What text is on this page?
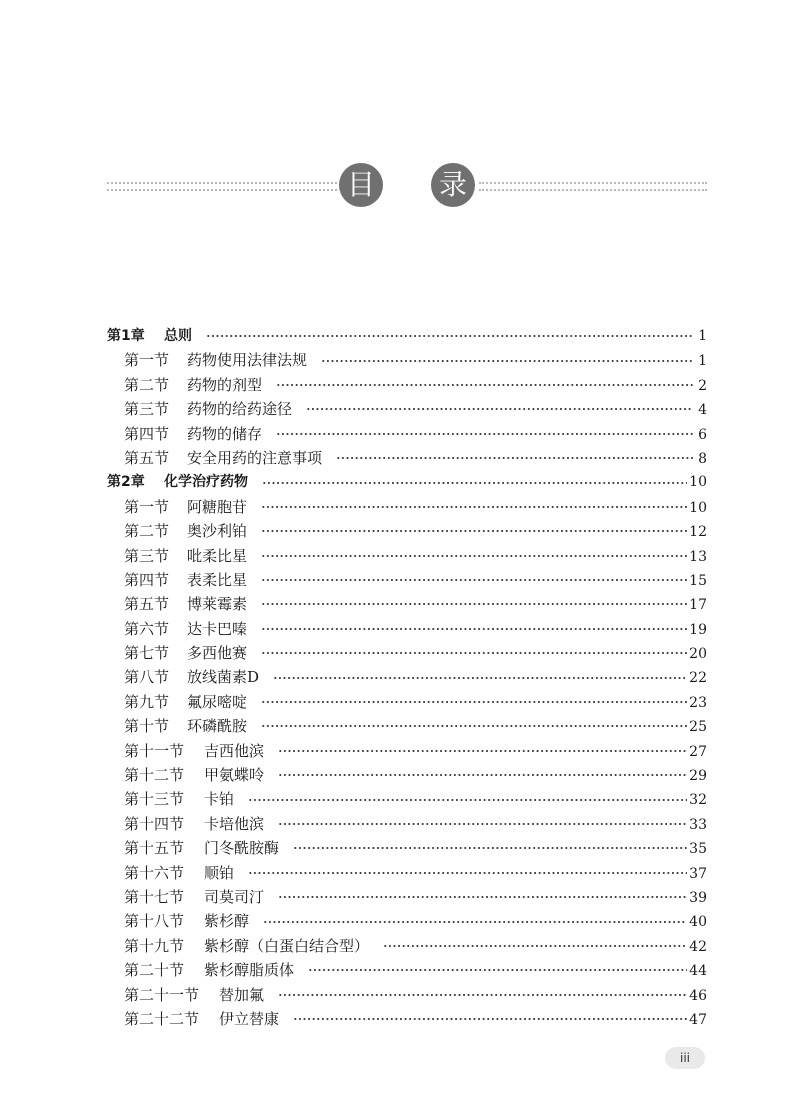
目 录
第1章	总则	1
第一节	药物使用法律法规	1
第二节	药物的剂型	2
第三节	药物的给药途径	4
第四节	药物的储存	6
第五节	安全用药的注意事项	8
第2章	化学治疗药物	10
第一节	阿糖胞苷	10
第二节	奥沙利铂	12
第三节	吡柔比星	13
第四节	表柔比星	15
第五节	博莱霉素	17
第六节	达卡巴嗪	19
第七节	多西他赛	20
第八节	放线菌素D	22
第九节	氟尿嘧啶	23
第十节	环磷酰胺	25
第十一节	吉西他滨	27
第十二节	甲氨蝶呤	29
第十三节	卡铂	32
第十四节	卡培他滨	33
第十五节	门冬酰胺酶	35
第十六节	顺铂	37
第十七节	司莫司汀	39
第十八节	紫杉醇	40
第十九节	紫杉醇（白蛋白结合型）	42
第二十节	紫杉醇脂质体	44
第二十一节	替加氟	46
第二十二节	伊立替康	47
iii
